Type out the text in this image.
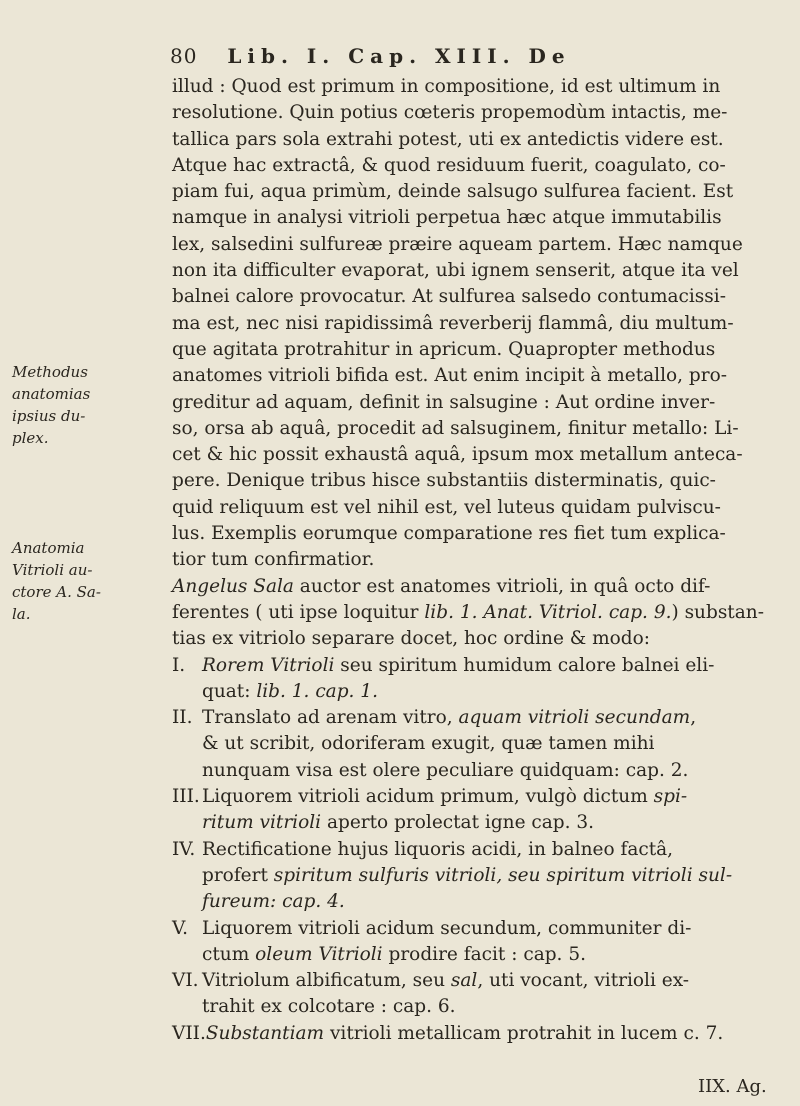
80 Lib. I. Cap. XIII. De
Methodus
anatomias
ipsius du-
plex.
Anatomia
Vitrioli au-
ctore A. Sa-
la.
illud : Quod est primum in compositione, id est ultimum in
resolutione. Quin potius cœteris propemodùm intactis, me-
tallica pars sola extrahi potest, uti ex antedictis videre est.
Atque hac extractâ, & quod residuum fuerit, coagulato, co-
piam fui, aqua primùm, deinde salsugo sulfurea facient. Est
namque in analysi vitrioli perpetua hæc atque immutabilis
lex, salsedini sulfureæ præire aqueam partem. Hæc namque
non ita difficulter evaporat, ubi ignem senserit, atque ita vel
balnei calore provocatur. At sulfurea salsedo contumacissi-
ma est, nec nisi rapidissimâ reverberij flammâ, diu multum-
que agitata protrahitur in apricum. Quapropter methodus
anatomes vitrioli bifida est. Aut enim incipit à metallo, pro-
greditur ad aquam, definit in salsugine : Aut ordine inver-
so, orsa ab aquâ, procedit ad salsuginem, finitur metallo: Li-
cet & hic possit exhaustâ aquâ, ipsum mox metallum anteca-
pere. Denique tribus hisce substantiis disterminatis, quic-
quid reliquum est vel nihil est, vel luteus quidam pulviscu-
lus. Exemplis eorumque comparatione res fiet tum explica-
tior tum confirmatior.
Angelus Sala auctor est anatomes vitrioli, in quâ octo dif-
ferentes ( uti ipse loquitur lib. 1. Anat. Vitriol. cap. 9.) substan-
tias ex vitriolo separare docet, hoc ordine & modo:
I. Rorem Vitrioli seu spiritum humidum calore balnei eli-
quat: lib. 1. cap. 1.
II. Translato ad arenam vitro, aquam vitrioli secundam,
& ut scribit, odoriferam exugit, quæ tamen mihi
nunquam visa est olere peculiare quidquam: cap. 2.
III. Liquorem vitrioli acidum primum, vulgò dictum spi-
ritum vitrioli aperto prolectat igne cap. 3.
IV. Rectificatione hujus liquoris acidi, in balneo factâ,
profert spiritum sulfuris vitrioli, seu spiritum vitrioli sul-
fureum: cap. 4.
V. Liquorem vitrioli acidum secundum, communiter di-
ctum oleum Vitrioli prodire facit : cap. 5.
VI. Vitriolum albificatum, seu sal, uti vocant, vitrioli ex-
trahit ex colcotare : cap. 6.
VII.Substantiam vitrioli metallicam protrahit in lucem c. 7.
IIX. Ag.
